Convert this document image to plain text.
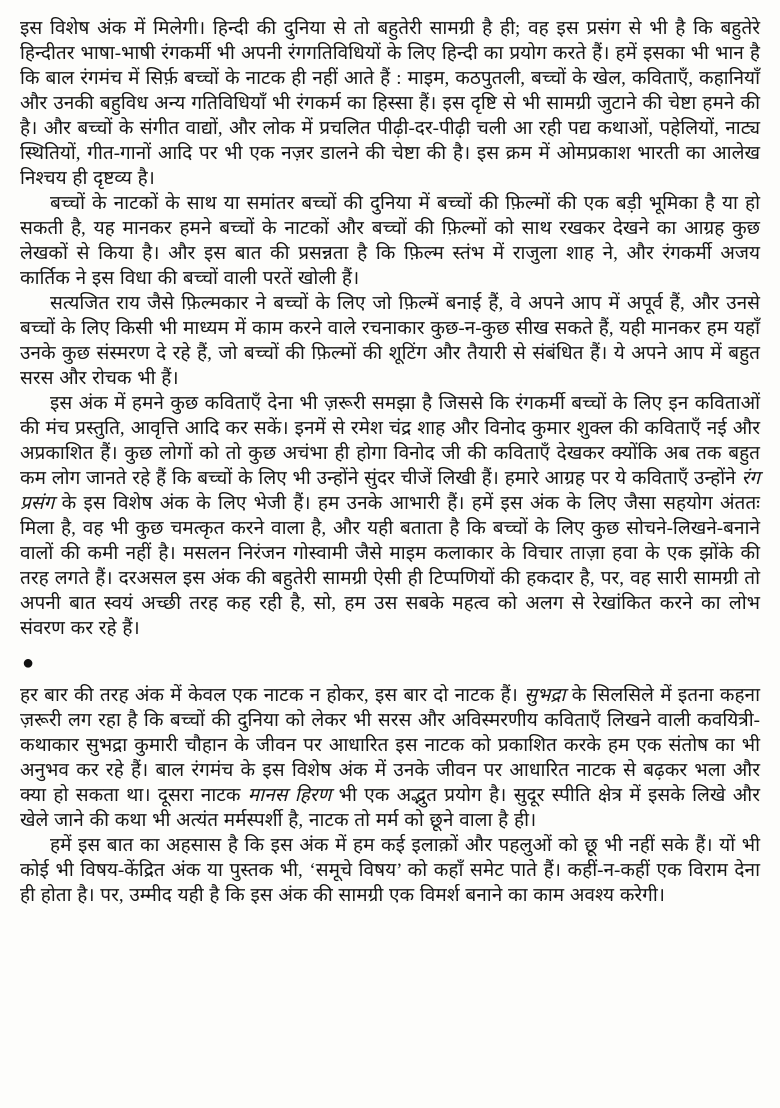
इस विशेष अंक में मिलेगी। हिन्दी की दुनिया से तो बहुतेरी सामग्री है ही; वह इस प्रसंग से भी है कि बहुतेरे हिन्दीतर भाषा-भाषी रंगकर्मी भी अपनी रंगगतिविधियों के लिए हिन्दी का प्रयोग करते हैं। हमें इसका भी भान है कि बाल रंगमंच में सिर्फ़ बच्चों के नाटक ही नहीं आते हैं : माइम, कठपुतली, बच्चों के खेल, कविताएँ, कहानियाँ और उनकी बहुविध अन्य गतिविधियाँ भी रंगकर्म का हिस्सा हैं। इस दृष्टि से भी सामग्री जुटाने की चेष्टा हमने की है। और बच्चों के संगीत वाद्यों, और लोक में प्रचलित पीढ़ी-दर-पीढ़ी चली आ रही पद्य कथाओं, पहेलियों, नाट्य स्थितियों, गीत-गानों आदि पर भी एक नज़र डालने की चेष्टा की है। इस क्रम में ओमप्रकाश भारती का आलेख निश्चय ही दृष्टव्य है।

बच्चों के नाटकों के साथ या समांतर बच्चों की दुनिया में बच्चों की फ़िल्मों की एक बड़ी भूमिका है या हो सकती है, यह मानकर हमने बच्चों के नाटकों और बच्चों की फ़िल्मों को साथ रखकर देखने का आग्रह कुछ लेखकों से किया है। और इस बात की प्रसन्नता है कि फ़िल्म स्तंभ में राजुला शाह ने, और रंगकर्मी अजय कार्तिक ने इस विधा की बच्चों वाली परतें खोली हैं।

सत्यजित राय जैसे फ़िल्मकार ने बच्चों के लिए जो फ़िल्में बनाई हैं, वे अपने आप में अपूर्व हैं, और उनसे बच्चों के लिए किसी भी माध्यम में काम करने वाले रचनाकार कुछ-न-कुछ सीख सकते हैं, यही मानकर हम यहाँ उनके कुछ संस्मरण दे रहे हैं, जो बच्चों की फ़िल्मों की शूटिंग और तैयारी से संबंधित हैं। ये अपने आप में बहुत सरस और रोचक भी हैं।

इस अंक में हमने कुछ कविताएँ देना भी ज़रूरी समझा है जिससे कि रंगकर्मी बच्चों के लिए इन कविताओं की मंच प्रस्तुति, आवृत्ति आदि कर सकें। इनमें से रमेश चंद्र शाह और विनोद कुमार शुक्ल की कविताएँ नई और अप्रकाशित हैं। कुछ लोगों को तो कुछ अचंभा ही होगा विनोद जी की कविताएँ देखकर क्योंकि अब तक बहुत कम लोग जानते रहे हैं कि बच्चों के लिए भी उन्होंने सुंदर चीजें लिखी हैं। हमारे आग्रह पर ये कविताएँ उन्होंने रंग प्रसंग के इस विशेष अंक के लिए भेजी हैं। हम उनके आभारी हैं। हमें इस अंक के लिए जैसा सहयोग अंततः मिला है, वह भी कुछ चमत्कृत करने वाला है, और यही बताता है कि बच्चों के लिए कुछ सोचने-लिखने-बनाने वालों की कमी नहीं है। मसलन निरंजन गोस्वामी जैसे माइम कलाकार के विचार ताज़ा हवा के एक झोंके की तरह लगते हैं। दरअसल इस अंक की बहुतेरी सामग्री ऐसी ही टिप्पणियों की हकदार है, पर, वह सारी सामग्री तो अपनी बात स्वयं अच्छी तरह कह रही है, सो, हम उस सबके महत्व को अलग से रेखांकित करने का लोभ संवरण कर रहे हैं।

●

हर बार की तरह अंक में केवल एक नाटक न होकर, इस बार दो नाटक हैं। सुभद्रा के सिलसिले में इतना कहना ज़रूरी लग रहा है कि बच्चों की दुनिया को लेकर भी सरस और अविस्मरणीय कविताएँ लिखने वाली कवयित्री-कथाकार सुभद्रा कुमारी चौहान के जीवन पर आधारित इस नाटक को प्रकाशित करके हम एक संतोष का भी अनुभव कर रहे हैं। बाल रंगमंच के इस विशेष अंक में उनके जीवन पर आधारित नाटक से बढ़कर भला और क्या हो सकता था। दूसरा नाटक मानस हिरण भी एक अद्भुत प्रयोग है। सुदूर स्पीति क्षेत्र में इसके लिखे और खेले जाने की कथा भी अत्यंत मर्मस्पर्शी है, नाटक तो मर्म को छूने वाला है ही।

हमें इस बात का अहसास है कि इस अंक में हम कई इलाक़ों और पहलुओं को छू भी नहीं सके हैं। यों भी कोई भी विषय-केंद्रित अंक या पुस्तक भी, ‘समूचे विषय’ को कहाँ समेट पाते हैं। कहीं-न-कहीं एक विराम देना ही होता है। पर, उम्मीद यही है कि इस अंक की सामग्री एक विमर्श बनाने का काम अवश्य करेगी।
